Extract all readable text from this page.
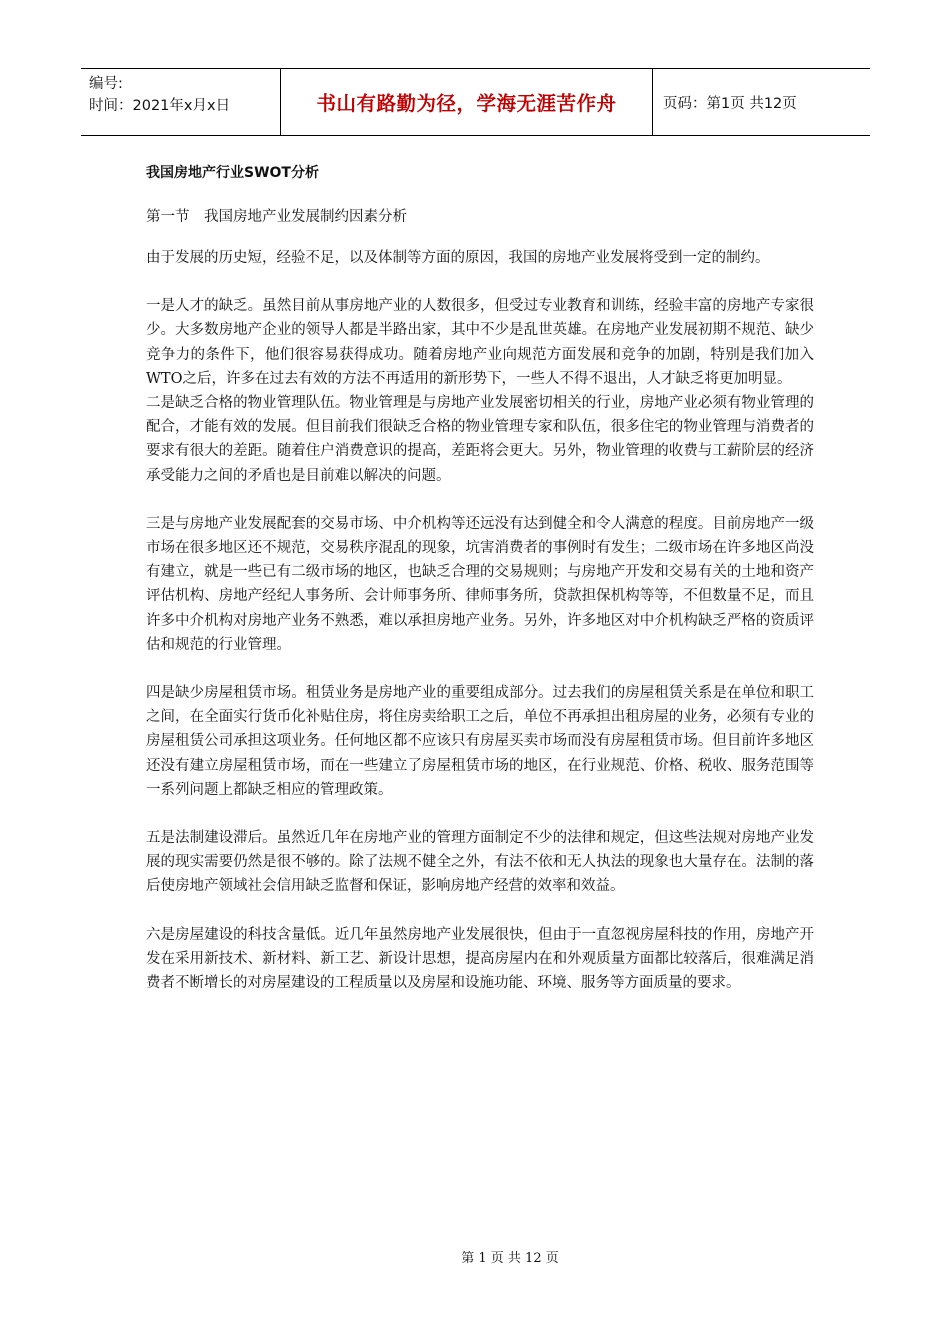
编号:
时间：2021年x月x日	书山有路勤为径，学海无涯苦作舟	页码：第1页 共12页

我国房地产行业SWOT分析

第一节　我国房地产业发展制约因素分析

由于发展的历史短，经验不足，以及体制等方面的原因，我国的房地产业发展将受到一定的制约。

一是人才的缺乏。虽然目前从事房地产业的人数很多，但受过专业教育和训练，经验丰富的房地产专家很少。大多数房地产企业的领导人都是半路出家，其中不少是乱世英雄。在房地产业发展初期不规范、缺少竞争力的条件下，他们很容易获得成功。随着房地产业向规范方面发展和竞争的加剧，特别是我们加入WTO之后，许多在过去有效的方法不再适用的新形势下，一些人不得不退出，人才缺乏将更加明显。

二是缺乏合格的物业管理队伍。物业管理是与房地产业发展密切相关的行业，房地产业必须有物业管理的配合，才能有效的发展。但目前我们很缺乏合格的物业管理专家和队伍，很多住宅的物业管理与消费者的要求有很大的差距。随着住户消费意识的提高，差距将会更大。另外，物业管理的收费与工薪阶层的经济承受能力之间的矛盾也是目前难以解决的问题。

三是与房地产业发展配套的交易市场、中介机构等还远没有达到健全和令人满意的程度。目前房地产一级市场在很多地区还不规范，交易秩序混乱的现象，坑害消费者的事例时有发生；二级市场在许多地区尚没有建立，就是一些已有二级市场的地区，也缺乏合理的交易规则；与房地产开发和交易有关的土地和资产评估机构、房地产经纪人事务所、会计师事务所、律师事务所，贷款担保机构等等，不但数量不足，而且许多中介机构对房地产业务不熟悉，难以承担房地产业务。另外，许多地区对中介机构缺乏严格的资质评估和规范的行业管理。

四是缺少房屋租赁市场。租赁业务是房地产业的重要组成部分。过去我们的房屋租赁关系是在单位和职工之间，在全面实行货币化补贴住房，将住房卖给职工之后，单位不再承担出租房屋的业务，必须有专业的房屋租赁公司承担这项业务。任何地区都不应该只有房屋买卖市场而没有房屋租赁市场。但目前许多地区还没有建立房屋租赁市场，而在一些建立了房屋租赁市场的地区，在行业规范、价格、税收、服务范围等一系列问题上都缺乏相应的管理政策。

五是法制建设滞后。虽然近几年在房地产业的管理方面制定不少的法律和规定，但这些法规对房地产业发展的现实需要仍然是很不够的。除了法规不健全之外，有法不依和无人执法的现象也大量存在。法制的落后使房地产领域社会信用缺乏监督和保证，影响房地产经营的效率和效益。

六是房屋建设的科技含量低。近几年虽然房地产业发展很快，但由于一直忽视房屋科技的作用，房地产开发在采用新技术、新材料、新工艺、新设计思想，提高房屋内在和外观质量方面都比较落后，很难满足消费者不断增长的对房屋建设的工程质量以及房屋和设施功能、环境、服务等方面质量的要求。

第 1 页 共 12 页
